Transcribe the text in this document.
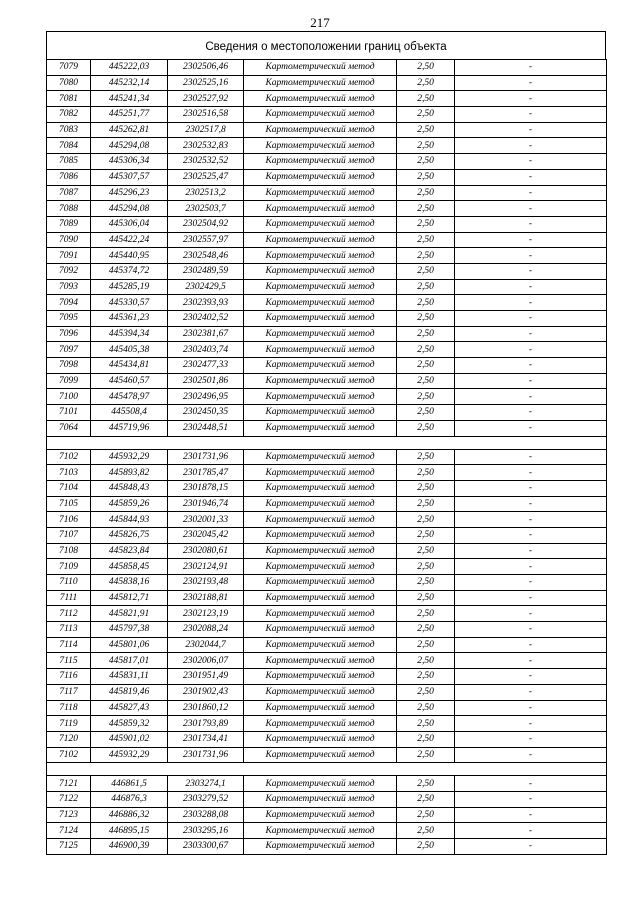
217
Сведения о местоположении границ объекта
7079	445222,03	2302506,46	Картометрический метод	2,50	-
7080	445232,14	2302525,16	Картометрический метод	2,50	-
7081	445241,34	2302527,92	Картометрический метод	2,50	-
7082	445251,77	2302516,58	Картометрический метод	2,50	-
7083	445262,81	2302517,8	Картометрический метод	2,50	-
7084	445294,08	2302532,83	Картометрический метод	2,50	-
7085	445306,34	2302532,52	Картометрический метод	2,50	-
7086	445307,57	2302525,47	Картометрический метод	2,50	-
7087	445296,23	2302513,2	Картометрический метод	2,50	-
7088	445294,08	2302503,7	Картометрический метод	2,50	-
7089	445306,04	2302504,92	Картометрический метод	2,50	-
7090	445422,24	2302557,97	Картометрический метод	2,50	-
7091	445440,95	2302548,46	Картометрический метод	2,50	-
7092	445374,72	2302489,59	Картометрический метод	2,50	-
7093	445285,19	2302429,5	Картометрический метод	2,50	-
7094	445330,57	2302393,93	Картометрический метод	2,50	-
7095	445361,23	2302402,52	Картометрический метод	2,50	-
7096	445394,34	2302381,67	Картометрический метод	2,50	-
7097	445405,38	2302403,74	Картометрический метод	2,50	-
7098	445434,81	2302477,33	Картометрический метод	2,50	-
7099	445460,57	2302501,86	Картометрический метод	2,50	-
7100	445478,97	2302496,95	Картометрический метод	2,50	-
7101	445508,4	2302450,35	Картометрический метод	2,50	-
7064	445719,96	2302448,51	Картометрический метод	2,50	-

7102	445932,29	2301731,96	Картометрический метод	2,50	-
7103	445893,82	2301785,47	Картометрический метод	2,50	-
7104	445848,43	2301878,15	Картометрический метод	2,50	-
7105	445859,26	2301946,74	Картометрический метод	2,50	-
7106	445844,93	2302001,33	Картометрический метод	2,50	-
7107	445826,75	2302045,42	Картометрический метод	2,50	-
7108	445823,84	2302080,61	Картометрический метод	2,50	-
7109	445858,45	2302124,91	Картометрический метод	2,50	-
7110	445838,16	2302193,48	Картометрический метод	2,50	-
7111	445812,71	2302188,81	Картометрический метод	2,50	-
7112	445821,91	2302123,19	Картометрический метод	2,50	-
7113	445797,38	2302088,24	Картометрический метод	2,50	-
7114	445801,06	2302044,7	Картометрический метод	2,50	-
7115	445817,01	2302006,07	Картометрический метод	2,50	-
7116	445831,11	2301951,49	Картометрический метод	2,50	-
7117	445819,46	2301902,43	Картометрический метод	2,50	-
7118	445827,43	2301860,12	Картометрический метод	2,50	-
7119	445859,32	2301793,89	Картометрический метод	2,50	-
7120	445901,02	2301734,41	Картометрический метод	2,50	-
7102	445932,29	2301731,96	Картометрический метод	2,50	-

7121	446861,5	2303274,1	Картометрический метод	2,50	-
7122	446876,3	2303279,52	Картометрический метод	2,50	-
7123	446886,32	2303288,08	Картометрический метод	2,50	-
7124	446895,15	2303295,16	Картометрический метод	2,50	-
7125	446900,39	2303300,67	Картометрический метод	2,50	-
